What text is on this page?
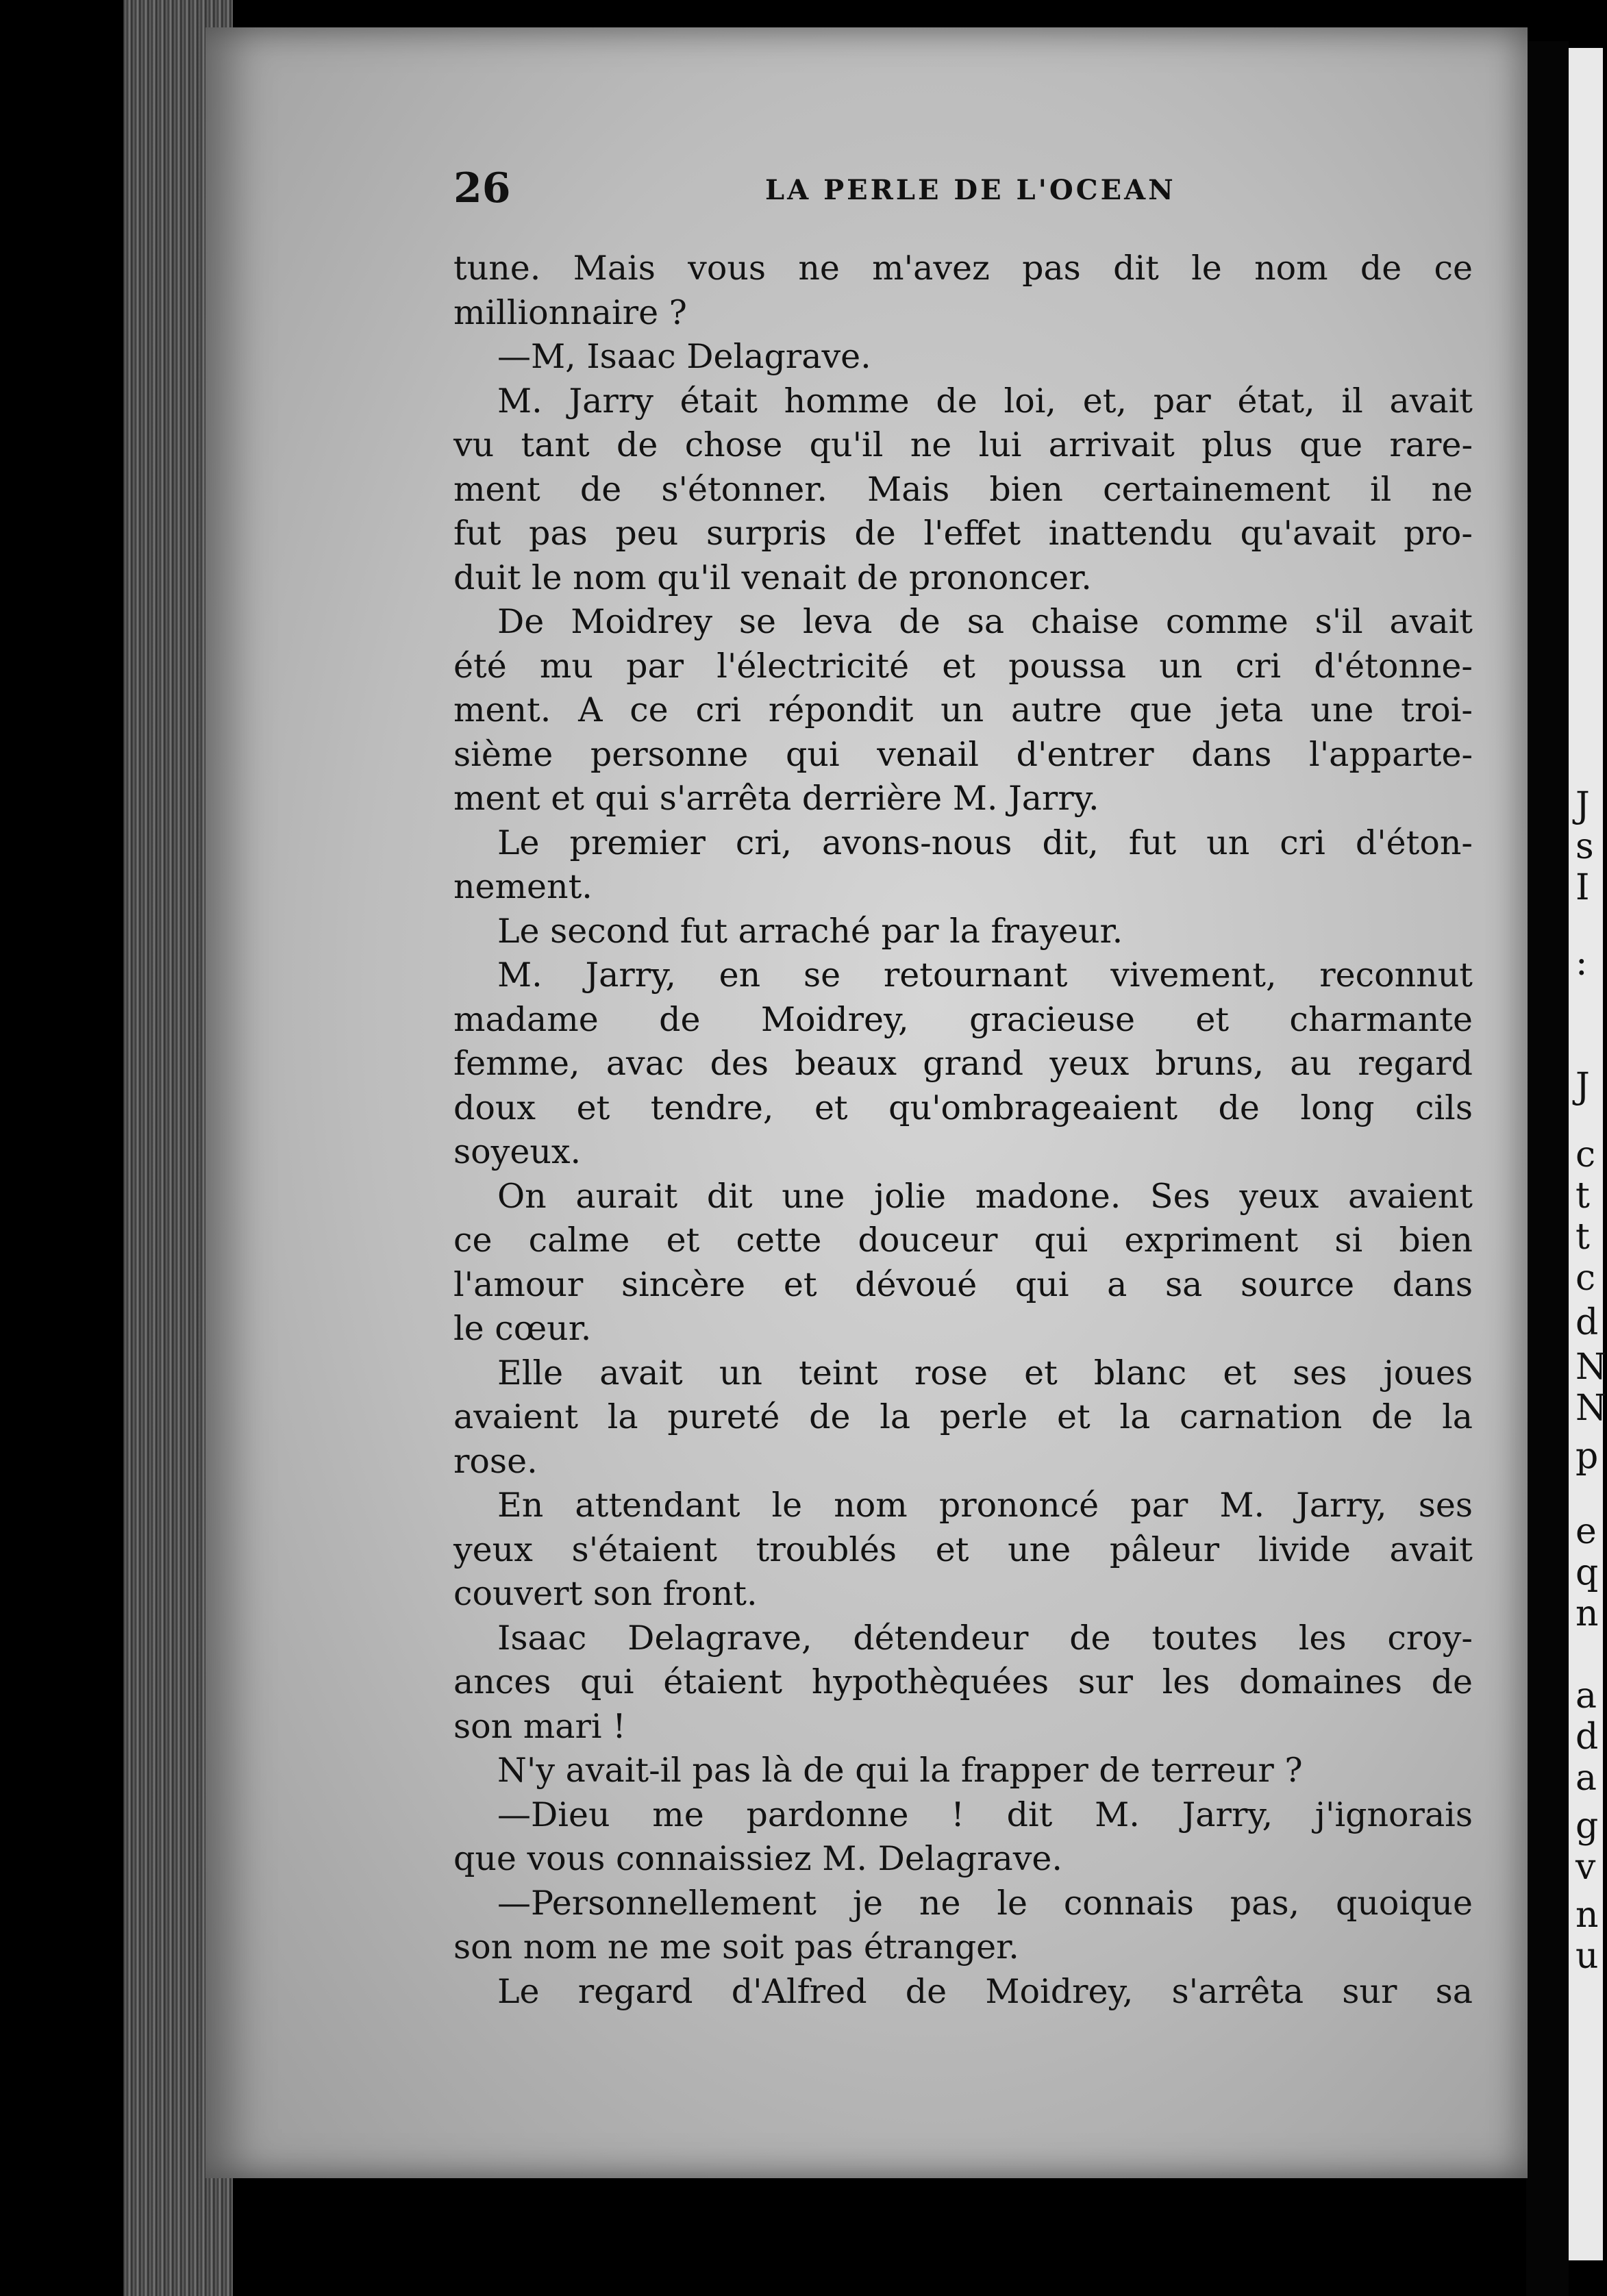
J
s
I
:
J
c
t
t
c
d
N
N
p
e
q
n
a
d
a
g
v
n
u
26	LA PERLE DE L'OCEAN
tune. Mais vous ne m'avez pas dit le nom de ce
millionnaire ?
—M, Isaac Delagrave.
M. Jarry était homme de loi, et, par état, il avait
vu tant de chose qu'il ne lui arrivait plus que rare-
ment de s'étonner. Mais bien certainement il ne
fut pas peu surpris de l'effet inattendu qu'avait pro-
duit le nom qu'il venait de prononcer.
De Moidrey se leva de sa chaise comme s'il avait
été mu par l'électricité et poussa un cri d'étonne-
ment. A ce cri répondit un autre que jeta une troi-
sième personne qui venail d'entrer dans l'apparte-
ment et qui s'arrêta derrière M. Jarry.
Le premier cri, avons-nous dit, fut un cri d'éton-
nement.
Le second fut arraché par la frayeur.
M. Jarry, en se retournant vivement, reconnut
madame de Moidrey, gracieuse et charmante
femme, avac des beaux grand yeux bruns, au regard
doux et tendre, et qu'ombrageaient de long cils
soyeux.
On aurait dit une jolie madone. Ses yeux avaient
ce calme et cette douceur qui expriment si bien
l'amour sincère et dévoué qui a sa source dans
le cœur.
Elle avait un teint rose et blanc et ses joues
avaient la pureté de la perle et la carnation de la
rose.
En attendant le nom prononcé par M. Jarry, ses
yeux s'étaient troublés et une pâleur livide avait
couvert son front.
Isaac Delagrave, détendeur de toutes les croy-
ances qui étaient hypothèquées sur les domaines de
son mari !
N'y avait-il pas là de qui la frapper de terreur ?
—Dieu me pardonne ! dit M. Jarry, j'ignorais
que vous connaissiez M. Delagrave.
—Personnellement je ne le connais pas, quoique
son nom ne me soit pas étranger.
Le regard d'Alfred de Moidrey, s'arrêta sur sa
